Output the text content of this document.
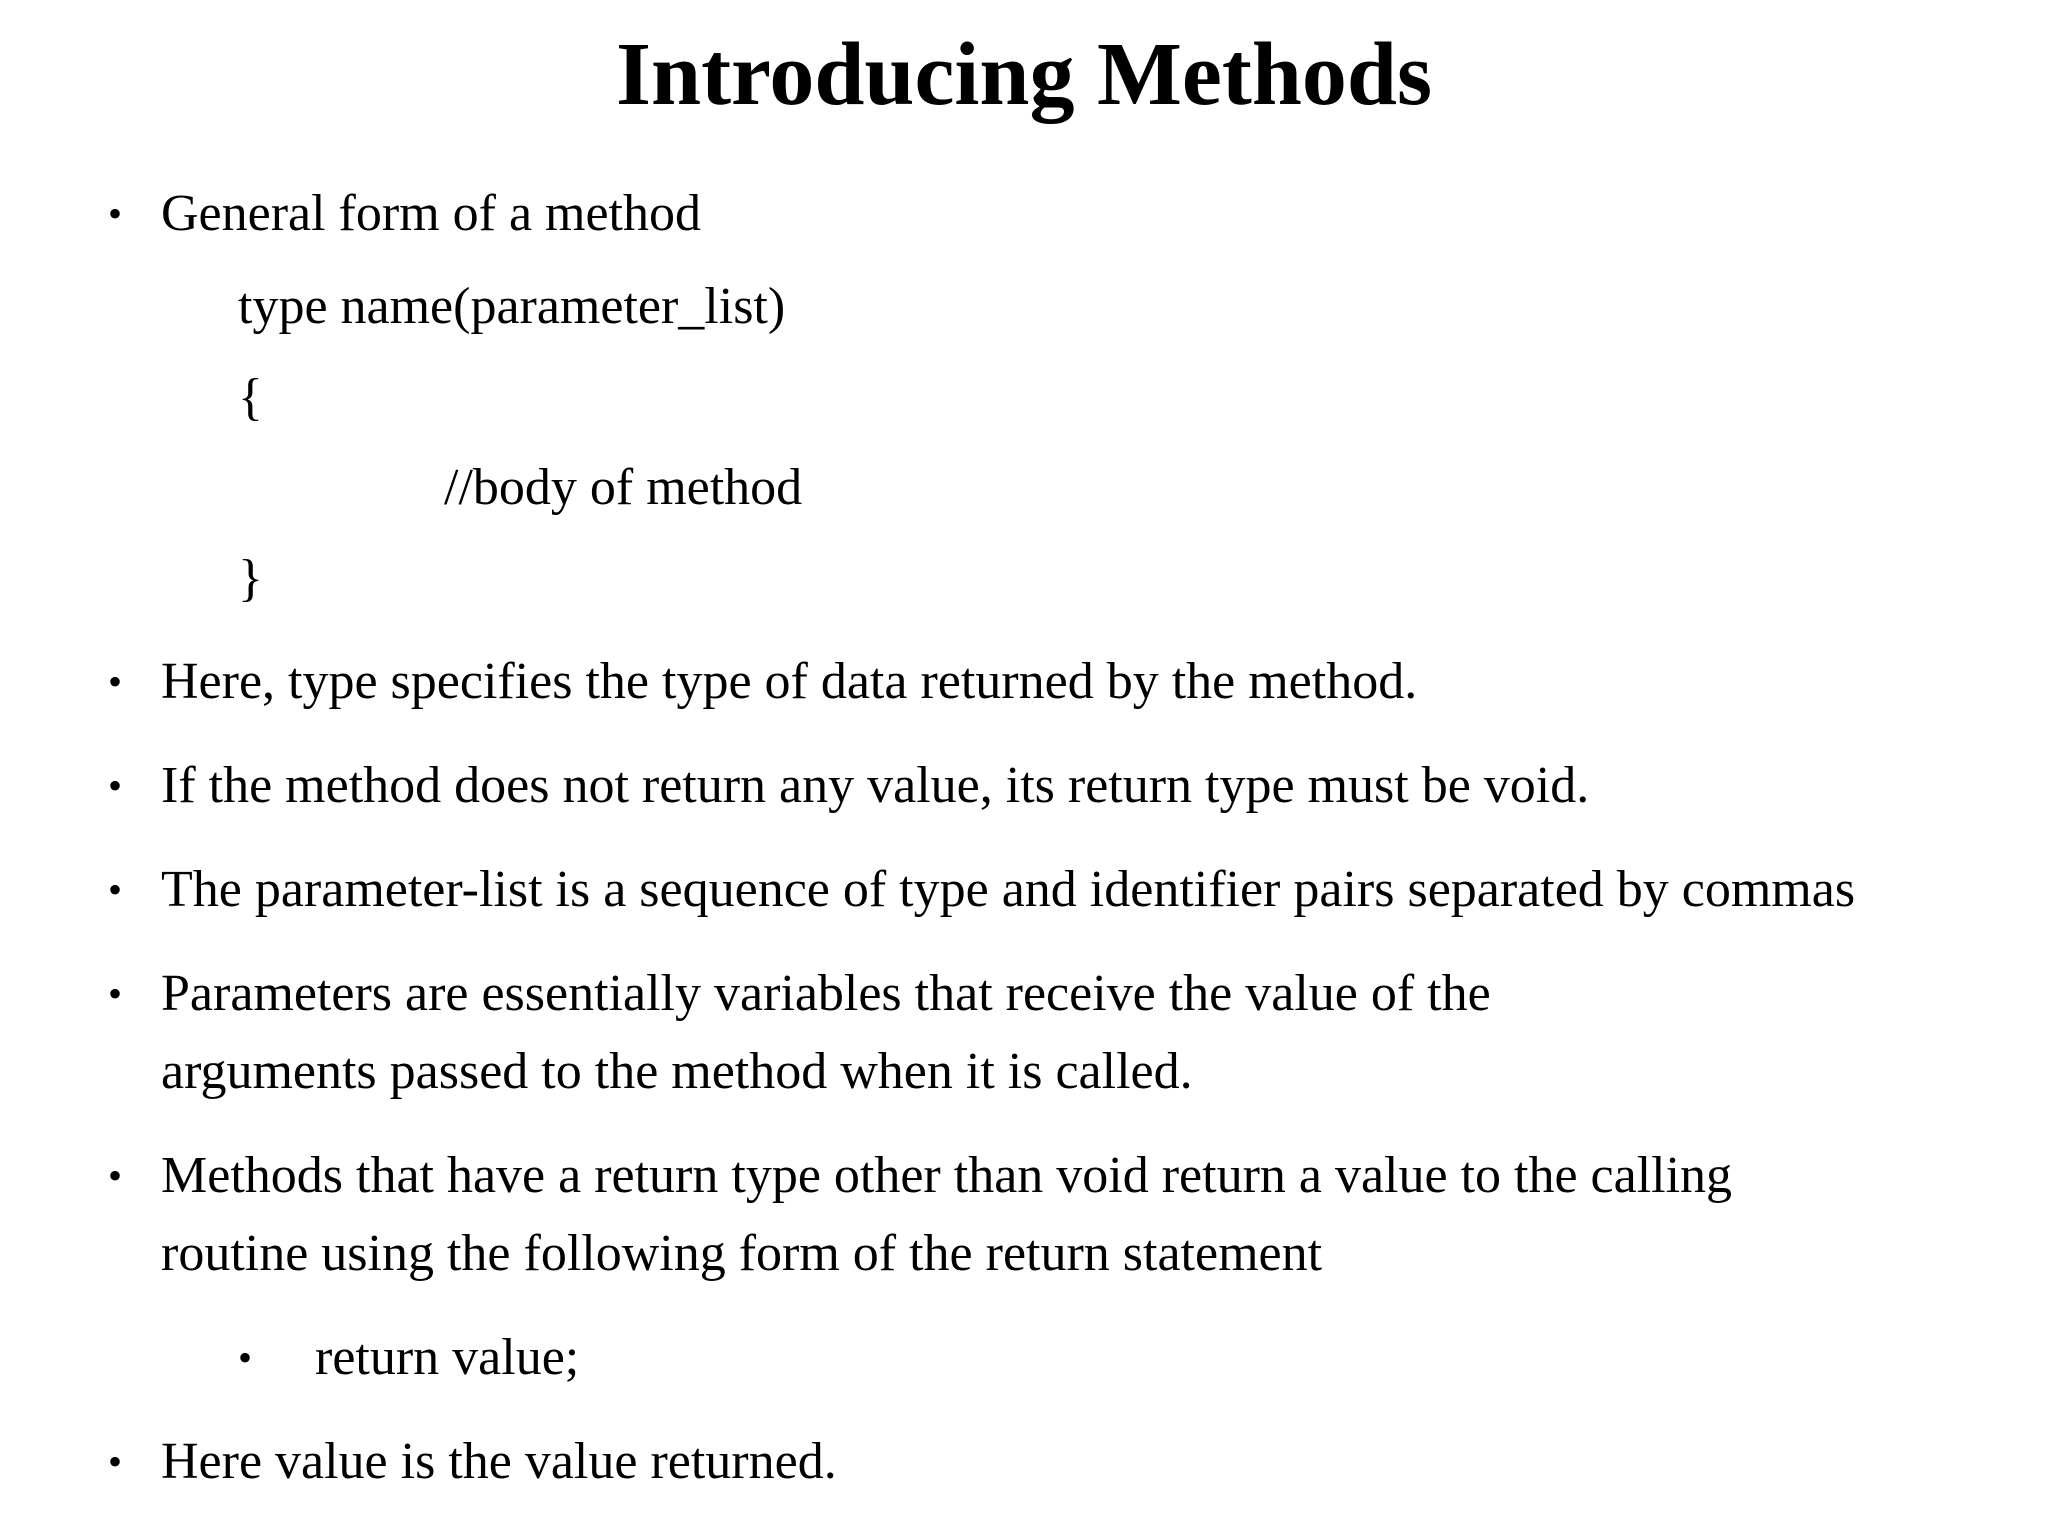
Introducing Methods
• General form of a method

type name(parameter_list)

{

//body of method

}

• Here, type specifies the type of data returned by the method.

• If the method does not return any value, its return type must be void.

• The parameter-list is a sequence of type and identifier pairs separated by commas

• Parameters are essentially variables that receive the value of the

arguments passed to the method when it is called.

• Methods that have a return type other than void return a value to the calling

routine using the following form of the return statement

• return value;

• Here value is the value returned.
